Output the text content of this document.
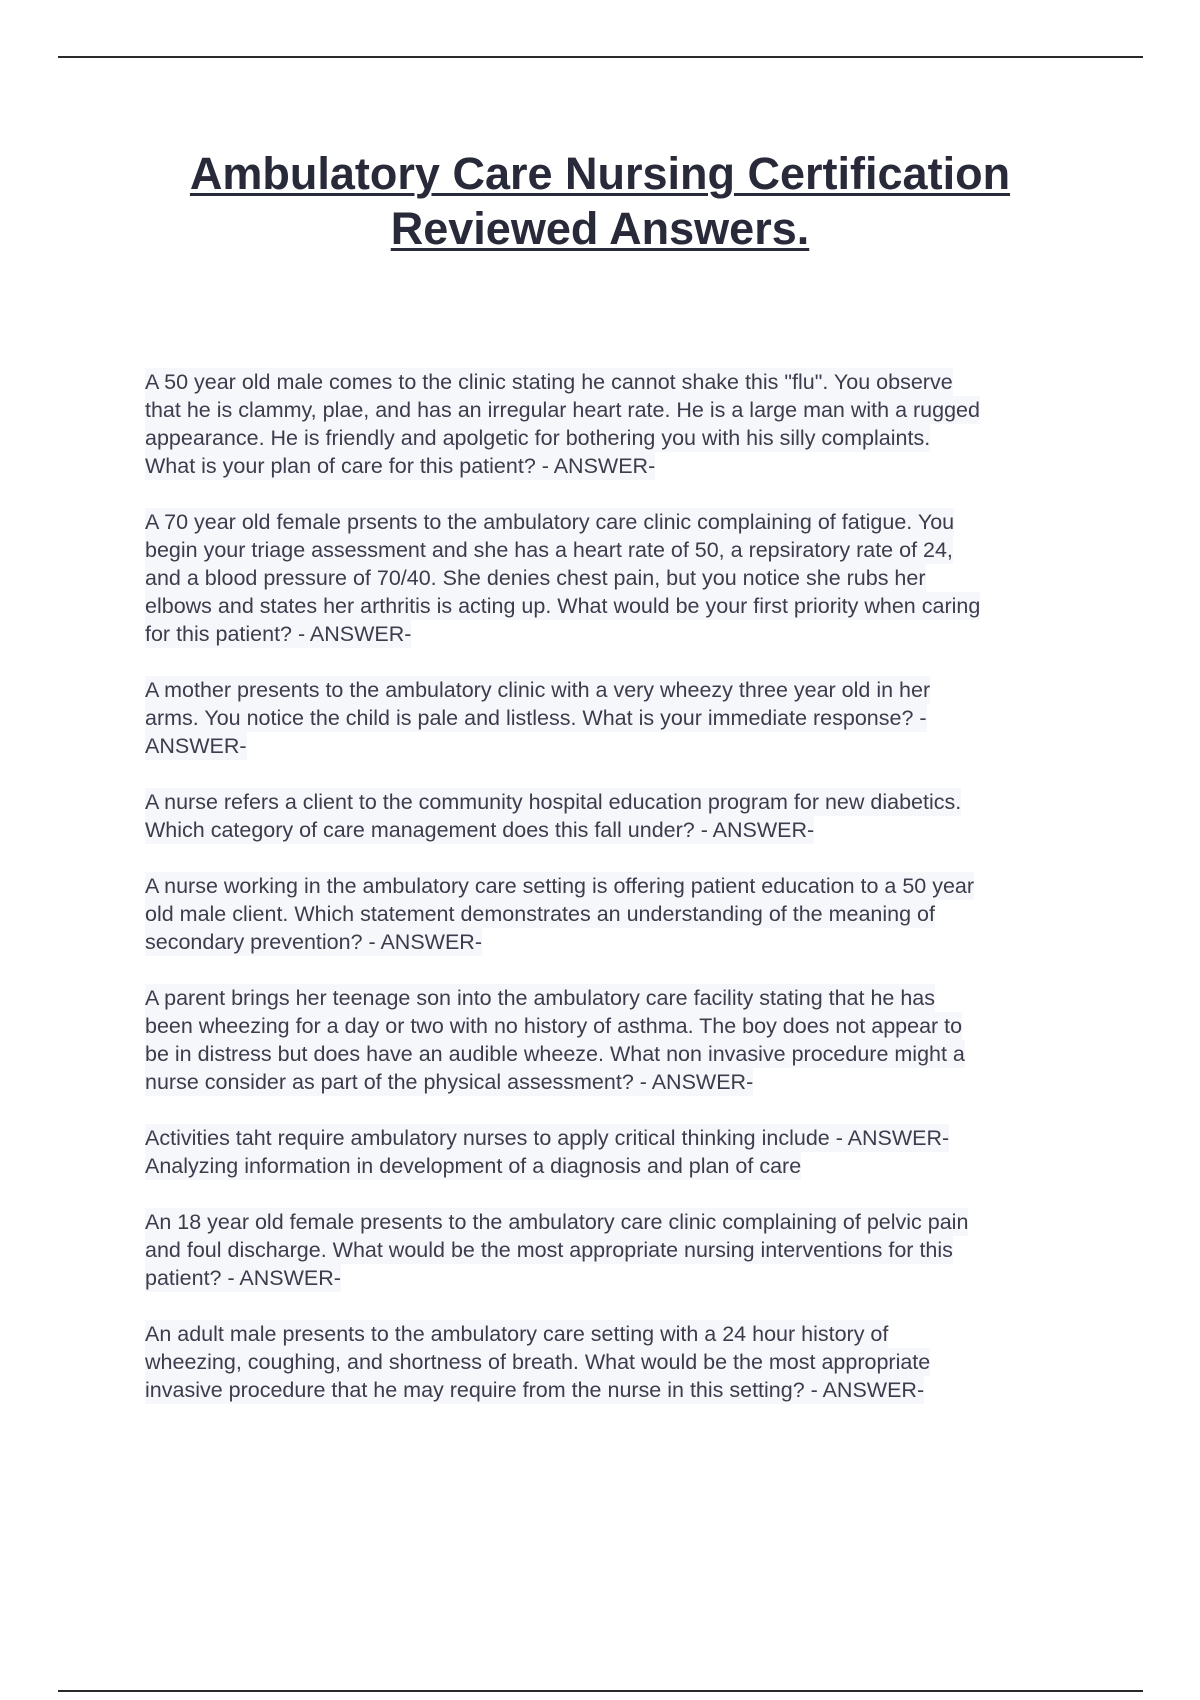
Ambulatory Care Nursing Certification
Reviewed Answers.
A 50 year old male comes to the clinic stating he cannot shake this "flu". You observe
that he is clammy, plae, and has an irregular heart rate. He is a large man with a rugged
appearance. He is friendly and apolgetic for bothering you with his silly complaints.
What is your plan of care for this patient? - ANSWER-
A 70 year old female prsents to the ambulatory care clinic complaining of fatigue. You
begin your triage assessment and she has a heart rate of 50, a repsiratory rate of 24,
and a blood pressure of 70/40. She denies chest pain, but you notice she rubs her
elbows and states her arthritis is acting up. What would be your first priority when caring
for this patient? - ANSWER-
A mother presents to the ambulatory clinic with a very wheezy three year old in her
arms. You notice the child is pale and listless. What is your immediate response? -
ANSWER-
A nurse refers a client to the community hospital education program for new diabetics.
Which category of care management does this fall under? - ANSWER-
A nurse working in the ambulatory care setting is offering patient education to a 50 year
old male client. Which statement demonstrates an understanding of the meaning of
secondary prevention? - ANSWER-
A parent brings her teenage son into the ambulatory care facility stating that he has
been wheezing for a day or two with no history of asthma. The boy does not appear to
be in distress but does have an audible wheeze. What non invasive procedure might a
nurse consider as part of the physical assessment? - ANSWER-
Activities taht require ambulatory nurses to apply critical thinking include - ANSWER-
Analyzing information in development of a diagnosis and plan of care
An 18 year old female presents to the ambulatory care clinic complaining of pelvic pain
and foul discharge. What would be the most appropriate nursing interventions for this
patient? - ANSWER-
An adult male presents to the ambulatory care setting with a 24 hour history of
wheezing, coughing, and shortness of breath. What would be the most appropriate
invasive procedure that he may require from the nurse in this setting? - ANSWER-
